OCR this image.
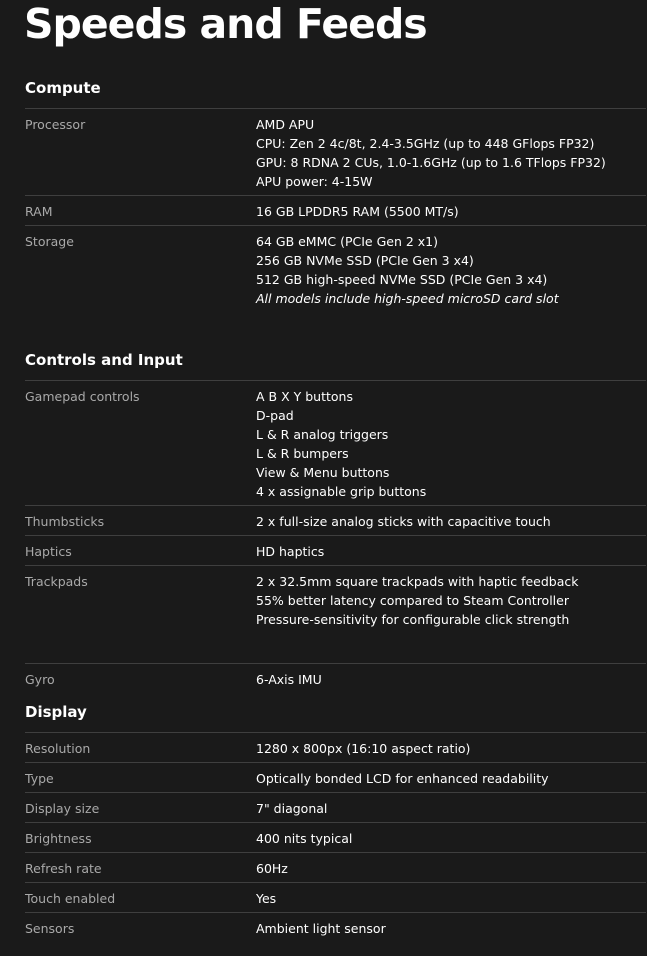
Speeds and Feeds
Compute
Processor	AMD APU
CPU: Zen 2 4c/8t, 2.4-3.5GHz (up to 448 GFlops FP32)
GPU: 8 RDNA 2 CUs, 1.0-1.6GHz (up to 1.6 TFlops FP32)
APU power: 4-15W
RAM	16 GB LPDDR5 RAM (5500 MT/s)
Storage	64 GB eMMC (PCIe Gen 2 x1)
256 GB NVMe SSD (PCIe Gen 3 x4)
512 GB high-speed NVMe SSD (PCIe Gen 3 x4)
All models include high-speed microSD card slot
Controls and Input
Gamepad controls	A B X Y buttons
D-pad
L & R analog triggers
L & R bumpers
View & Menu buttons
4 x assignable grip buttons
Thumbsticks	2 x full-size analog sticks with capacitive touch
Haptics	HD haptics
Trackpads	2 x 32.5mm square trackpads with haptic feedback
55% better latency compared to Steam Controller
Pressure-sensitivity for configurable click strength
Gyro	6-Axis IMU
Display
Resolution	1280 x 800px (16:10 aspect ratio)
Type	Optically bonded LCD for enhanced readability
Display size	7" diagonal
Brightness	400 nits typical
Refresh rate	60Hz
Touch enabled	Yes
Sensors	Ambient light sensor
